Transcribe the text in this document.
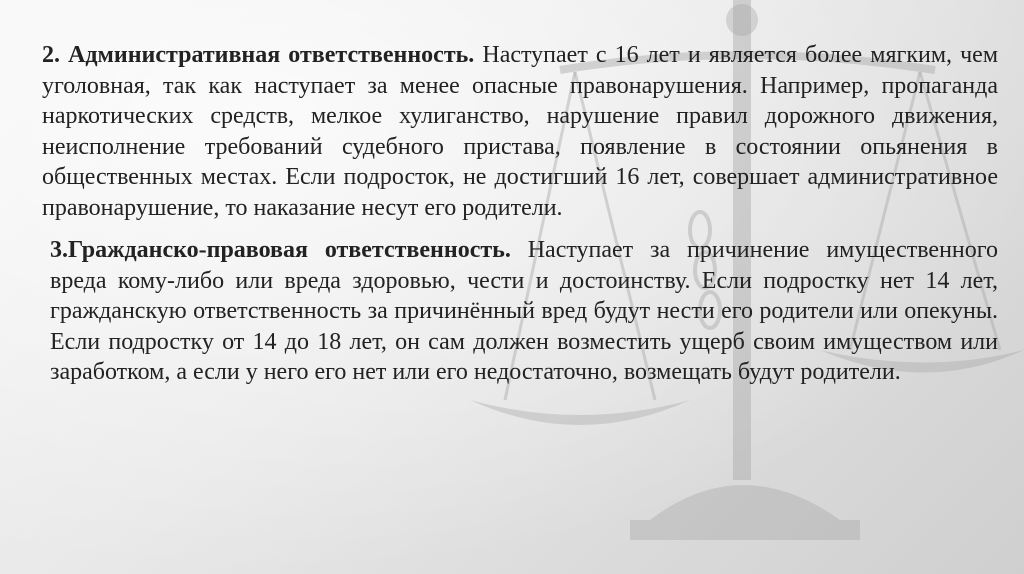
2. Административная ответственность. Наступает с 16 лет и является более мягким, чем уголовная, так как наступает за менее опасные правонарушения. Например, пропаганда наркотических средств, мелкое хулиганство, нарушение правил дорожного движения, неисполнение требований судебного пристава, появление в состоянии опьянения в общественных местах. Если подросток, не достигший 16 лет, совершает административное правонарушение, то наказание несут его родители.

3.Гражданско-правовая ответственность. Наступает за причинение имущественного вреда кому-либо или вреда здоровью, чести и достоинству. Если подростку нет 14 лет, гражданскую ответственность за причинённый вред будут нести его родители или опекуны. Если подростку от 14 до 18 лет, он сам должен возместить ущерб своим имуществом или заработком, а если у него его нет или его недостаточно, возмещать будут родители.
